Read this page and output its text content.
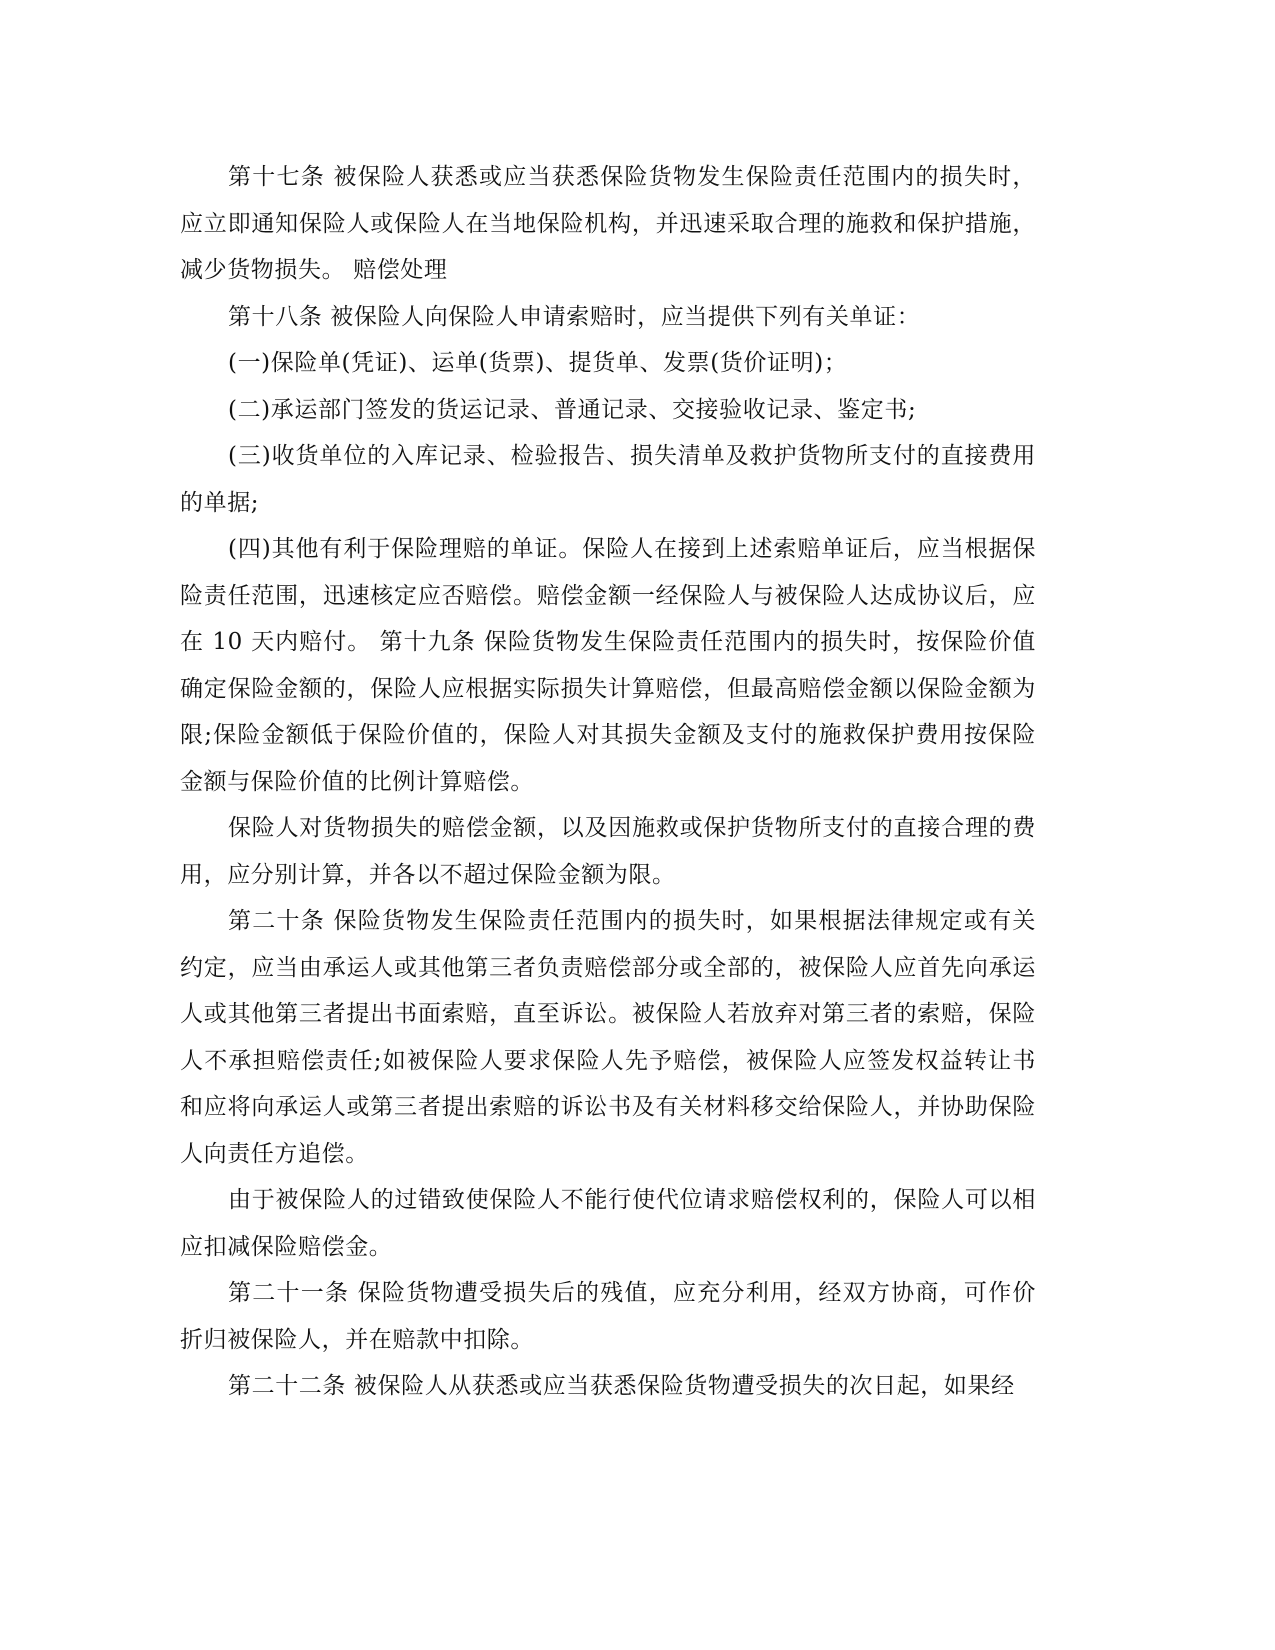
第十七条 被保险人获悉或应当获悉保险货物发生保险责任范围内的损失时，应立即通知保险人或保险人在当地保险机构，并迅速采取合理的施救和保护措施，减少货物损失。 赔偿处理

第十八条 被保险人向保险人申请索赔时，应当提供下列有关单证：

(一)保险单(凭证)、运单(货票)、提货单、发票(货价证明)；

(二)承运部门签发的货运记录、普通记录、交接验收记录、鉴定书;

(三)收货单位的入库记录、检验报告、损失清单及救护货物所支付的直接费用的单据;

(四)其他有利于保险理赔的单证。保险人在接到上述索赔单证后，应当根据保险责任范围，迅速核定应否赔偿。赔偿金额一经保险人与被保险人达成协议后，应在 10 天内赔付。 第十九条 保险货物发生保险责任范围内的损失时，按保险价值确定保险金额的，保险人应根据实际损失计算赔偿，但最高赔偿金额以保险金额为限;保险金额低于保险价值的，保险人对其损失金额及支付的施救保护费用按保险金额与保险价值的比例计算赔偿。

保险人对货物损失的赔偿金额，以及因施救或保护货物所支付的直接合理的费用，应分别计算，并各以不超过保险金额为限。

第二十条 保险货物发生保险责任范围内的损失时，如果根据法律规定或有关约定，应当由承运人或其他第三者负责赔偿部分或全部的，被保险人应首先向承运人或其他第三者提出书面索赔，直至诉讼。被保险人若放弃对第三者的索赔，保险人不承担赔偿责任;如被保险人要求保险人先予赔偿，被保险人应签发权益转让书和应将向承运人或第三者提出索赔的诉讼书及有关材料移交给保险人，并协助保险人向责任方追偿。

由于被保险人的过错致使保险人不能行使代位请求赔偿权利的，保险人可以相应扣减保险赔偿金。

第二十一条 保险货物遭受损失后的残值，应充分利用，经双方协商，可作价折归被保险人，并在赔款中扣除。

第二十二条 被保险人从获悉或应当获悉保险货物遭受损失的次日起，如果经
